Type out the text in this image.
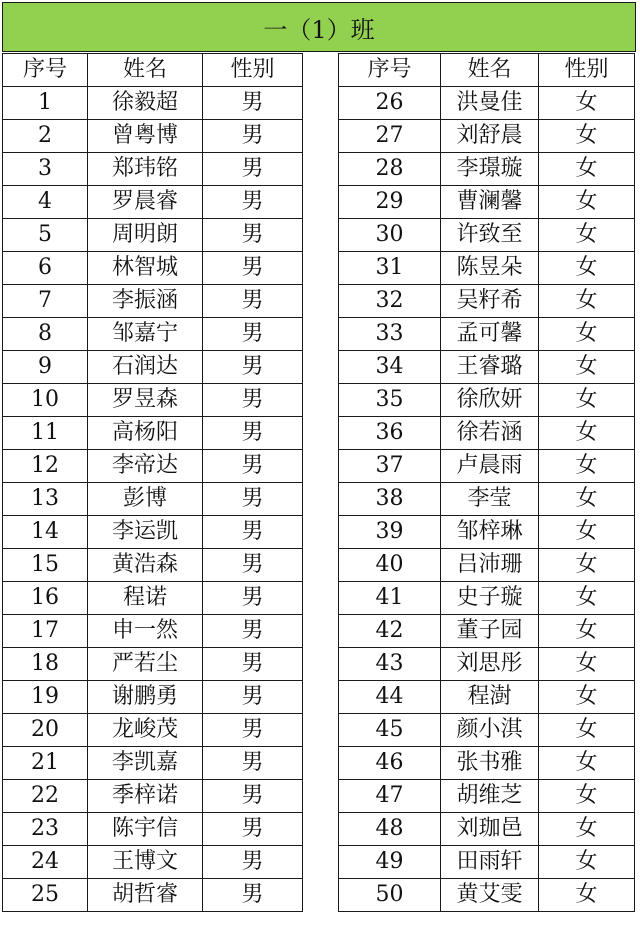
一（1）班
序号	姓名	性别
1	徐毅超	男
2	曾粤博	男
3	郑玮铭	男
4	罗晨睿	男
5	周明朗	男
6	林智城	男
7	李振涵	男
8	邹嘉宁	男
9	石润达	男
10	罗昱森	男
11	高杨阳	男
12	李帝达	男
13	彭博	男
14	李运凯	男
15	黄浩森	男
16	程诺	男
17	申一然	男
18	严若尘	男
19	谢鹏勇	男
20	龙峻茂	男
21	李凯嘉	男
22	季梓诺	男
23	陈宇信	男
24	王博文	男
25	胡哲睿	男
序号	姓名	性别
26	洪曼佳	女
27	刘舒晨	女
28	李璟璇	女
29	曹澜馨	女
30	许致至	女
31	陈昱朵	女
32	吴籽希	女
33	孟可馨	女
34	王睿璐	女
35	徐欣妍	女
36	徐若涵	女
37	卢晨雨	女
38	李莹	女
39	邹梓琳	女
40	吕沛珊	女
41	史子璇	女
42	董子园	女
43	刘思彤	女
44	程澍	女
45	颜小淇	女
46	张书雅	女
47	胡维芝	女
48	刘珈邑	女
49	田雨轩	女
50	黄艾雯	女
